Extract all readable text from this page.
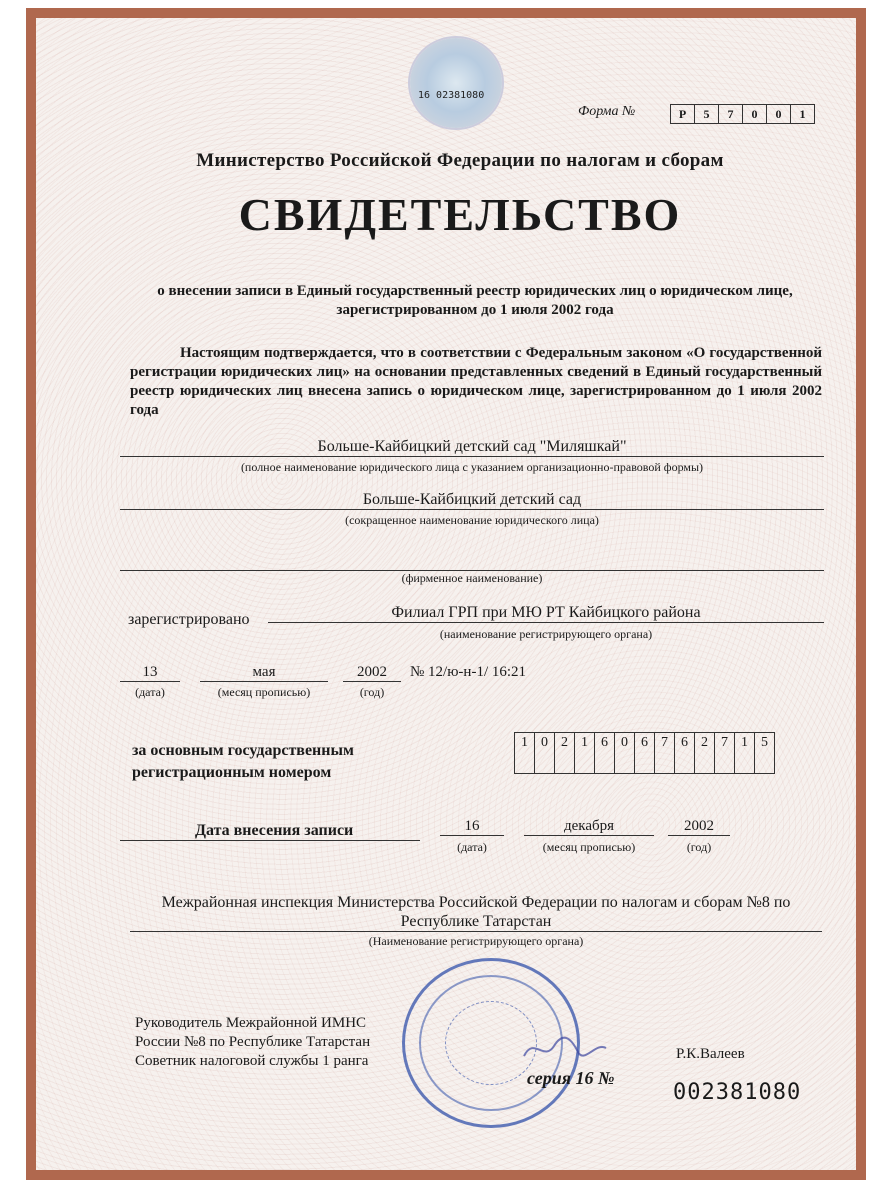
16 02381080
Форма №	Р	5	7	0	0	1
Министерство Российской Федерации по налогам и сборам
СВИДЕТЕЛЬСТВО
о внесении записи в Единый государственный реестр юридических лиц о юридическом лице, зарегистрированном до 1 июля 2002 года
Настоящим подтверждается, что в соответствии с Федеральным законом «О государственной регистрации юридических лиц» на основании представленных сведений в Единый государственный реестр юридических лиц внесена запись о юридическом лице, зарегистрированном до 1 июля 2002 года
Больше-Кайбицкий детский сад "Миляшкай"
(полное наименование юридического лица с указанием организационно-правовой формы)
Больше-Кайбицкий детский сад
(сокращенное наименование юридического лица)
(фирменное наименование)
зарегистрировано	Филиал ГРП при МЮ РТ Кайбицкого района
(наименование регистрирующего органа)
13
(дата)
мая
(месяц прописью)
2002
(год)
№ 12/ю-н-1/ 16:21
за основным государственным
регистрационным номером
1 0 2 1 6 0 6 7 6 2 7 1 5
Дата внесения записи	16
(дата)
декабря
(месяц прописью)
2002
(год)
Межрайонная инспекция Министерства Российской Федерации по налогам и сборам №8 по Республике Татарстан
(Наименование регистрирующего органа)
Руководитель Межрайонной ИМНС
России №8 по Республике Татарстан
Советник налоговой службы 1 ранга	Р.К.Валеев
серия 16 №
002381080
